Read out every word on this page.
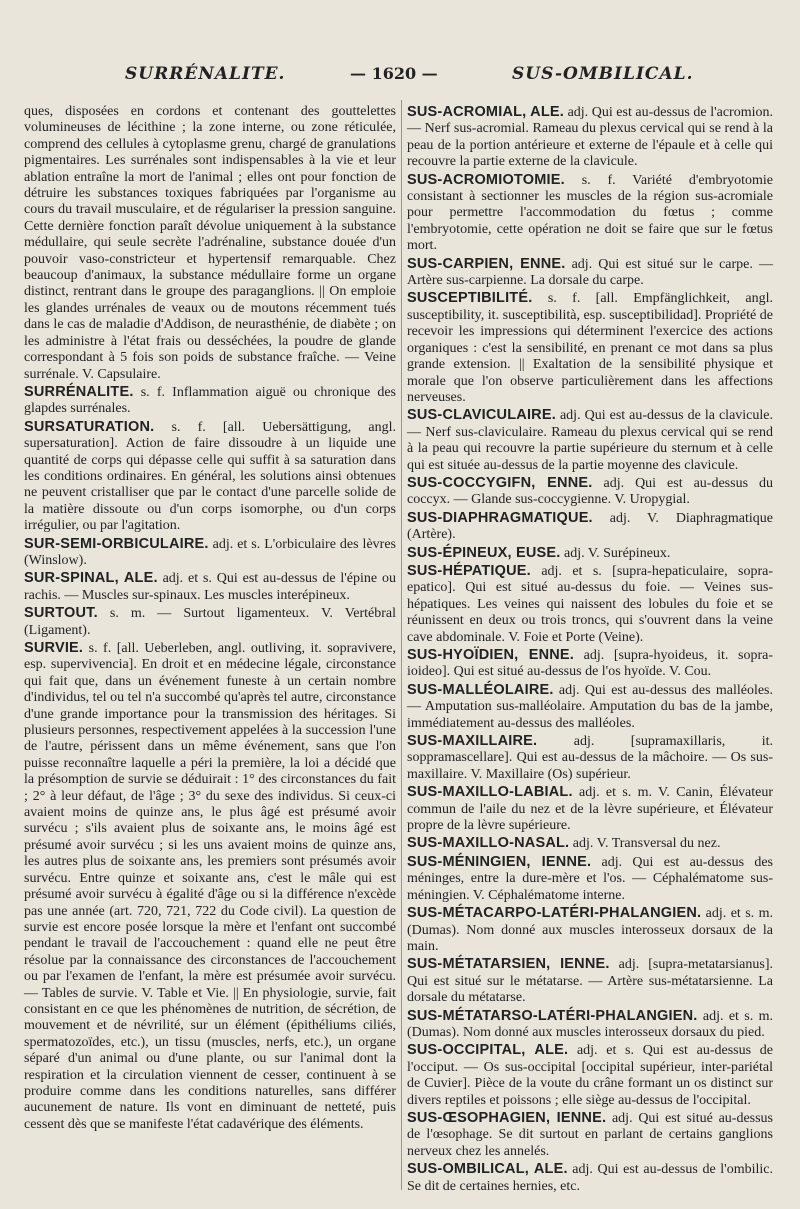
SURRÉNALITE.	— 1620 —	SUS-OMBILICAL.

ques, disposées en cordons et contenant des gouttelettes volumineuses de lécithine ; la zone interne, ou zone réticulée, comprend des cellules à cytoplasme grenu, chargé de granulations pigmentaires. Les surrénales sont indispensables à la vie et leur ablation entraîne la mort de l'animal ; elles ont pour fonction de détruire les substances toxiques fabriquées par l'organisme au cours du travail musculaire, et de régulariser la pression sanguine. Cette dernière fonction paraît dévolue uniquement à la substance médullaire, qui seule secrète l'adrénaline, substance douée d'un pouvoir vaso-constricteur et hypertensif remarquable. Chez beaucoup d'animaux, la substance médullaire forme un organe distinct, rentrant dans le groupe des paraganglions. || On emploie les glandes urrénales de veaux ou de moutons récemment tués dans le cas de maladie d'Addison, de neurasthénie, de diabète ; on les administre à l'état frais ou desséchées, la poudre de glande correspondant à 5 fois son poids de substance fraîche. — Veine surrénale. V. Capsulaire.

SURRÉNALITE. s. f. Inflammation aiguë ou chronique des glapdes surrénales.

SURSATURATION. s. f. [all. Uebersättigung, angl. supersaturation]. Action de faire dissoudre à un liquide une quantité de corps qui dépasse celle qui suffit à sa saturation dans les conditions ordinaires. En général, les solutions ainsi obtenues ne peuvent cristalliser que par le contact d'une parcelle solide de la matière dissoute ou d'un corps isomorphe, ou d'un corps irrégulier, ou par l'agitation.

SUR-SEMI-ORBICULAIRE. adj. et s. L'orbiculaire des lèvres (Winslow).

SUR-SPINAL, ALE. adj. et s. Qui est au-dessus de l'épine ou rachis. — Muscles sur-spinaux. Les muscles interépineux.

SURTOUT. s. m. — Surtout ligamenteux. V. Vertébral (Ligament).

SURVIE. s. f. [all. Ueberleben, angl. outliving, it. sopravivere, esp. supervivencia]. En droit et en médecine légale, circonstance qui fait que, dans un événement funeste à un certain nombre d'individus, tel ou tel n'a succombé qu'après tel autre, circonstance d'une grande importance pour la transmission des héritages. Si plusieurs personnes, respectivement appelées à la succession l'une de l'autre, périssent dans un même événement, sans que l'on puisse reconnaître laquelle a péri la première, la loi a décidé que la présomption de survie se déduirait : 1° des circonstances du fait ; 2° à leur défaut, de l'âge ; 3° du sexe des individus. Si ceux-ci avaient moins de quinze ans, le plus âgé est présumé avoir survécu ; s'ils avaient plus de soixante ans, le moins âgé est présumé avoir survécu ; si les uns avaient moins de quinze ans, les autres plus de soixante ans, les premiers sont présumés avoir survécu. Entre quinze et soixante ans, c'est le mâle qui est présumé avoir survécu à égalité d'âge ou si la différence n'excède pas une année (art. 720, 721, 722 du Code civil). La question de survie est encore posée lorsque la mère et l'enfant ont succombé pendant le travail de l'accouchement : quand elle ne peut être résolue par la connaissance des circonstances de l'accouchement ou par l'examen de l'enfant, la mère est présumée avoir survécu. — Tables de survie. V. Table et Vie. || En physiologie, survie, fait consistant en ce que les phénomènes de nutrition, de sécrétion, de mouvement et de névrilité, sur un élément (épithéliums ciliés, spermatozoïdes, etc.), un tissu (muscles, nerfs, etc.), un organe séparé d'un animal ou d'une plante, ou sur l'animal dont la respiration et la circulation viennent de cesser, continuent à se produire comme dans les conditions naturelles, sans différer aucunement de nature. Ils vont en diminuant de netteté, puis cessent dès que se manifeste l'état cadavérique des éléments.

SUS-ACROMIAL, ALE. adj. Qui est au-dessus de l'acromion. — Nerf sus-acromial. Rameau du plexus cervical qui se rend à la peau de la portion antérieure et externe de l'épaule et à celle qui recouvre la partie externe de la clavicule.

SUS-ACROMIOTOMIE. s. f. Variété d'embryotomie consistant à sectionner les muscles de la région sus-acromiale pour permettre l'accommodation du fœtus ; comme l'embryotomie, cette opération ne doit se faire que sur le fœtus mort.

SUS-CARPIEN, ENNE. adj. Qui est situé sur le carpe. — Artère sus-carpienne. La dorsale du carpe.

SUSCEPTIBILITÉ. s. f. [all. Empfänglichkeit, angl. susceptibility, it. susceptibilità, esp. susceptibilidad]. Propriété de recevoir les impressions qui déterminent l'exercice des actions organiques : c'est la sensibilité, en prenant ce mot dans sa plus grande extension. || Exaltation de la sensibilité physique et morale que l'on observe particulièrement dans les affections nerveuses.

SUS-CLAVICULAIRE. adj. Qui est au-dessus de la clavicule. — Nerf sus-claviculaire. Rameau du plexus cervical qui se rend à la peau qui recouvre la partie supérieure du sternum et à celle qui est située au-dessus de la partie moyenne des clavicule.

SUS-COCCYGIFN, ENNE. adj. Qui est au-dessus du coccyx. — Glande sus-coccygienne. V. Uropygial.

SUS-DIAPHRAGMATIQUE. adj. V. Diaphragmatique (Artère).

SUS-ÉPINEUX, EUSE. adj. V. Surépineux.

SUS-HÉPATIQUE. adj. et s. [supra-hepaticulaire, sopra-epatico]. Qui est situé au-dessus du foie. — Veines sus-hépatiques. Les veines qui naissent des lobules du foie et se réunissent en deux ou trois troncs, qui s'ouvrent dans la veine cave abdominale. V. Foie et Porte (Veine).

SUS-HYOÏDIEN, ENNE. adj. [supra-hyoideus, it. sopra-ioideo]. Qui est situé au-dessus de l'os hyoïde. V. Cou.

SUS-MALLÉOLAIRE. adj. Qui est au-dessus des malléoles. — Amputation sus-malléolaire. Amputation du bas de la jambe, immédiatement au-dessus des malléoles.

SUS-MAXILLAIRE. adj. [supramaxillaris, it. soppramascellare]. Qui est au-dessus de la mâchoire. — Os sus-maxillaire. V. Maxillaire (Os) supérieur.

SUS-MAXILLO-LABIAL. adj. et s. m. V. Canin, Élévateur commun de l'aile du nez et de la lèvre supérieure, et Élévateur propre de la lèvre supérieure.

SUS-MAXILLO-NASAL. adj. V. Transversal du nez.

SUS-MÉNINGIEN, IENNE. adj. Qui est au-dessus des méninges, entre la dure-mère et l'os. — Céphalématome sus-méningien. V. Céphalématome interne.

SUS-MÉTACARPO-LATÉRI-PHALANGIEN. adj. et s. m. (Dumas). Nom donné aux muscles interosseux dorsaux de la main.

SUS-MÉTATARSIEN, IENNE. adj. [supra-metatarsianus]. Qui est situé sur le métatarse. — Artère sus-métatarsienne. La dorsale du métatarse.

SUS-MÉTATARSO-LATÉRI-PHALANGIEN. adj. et s. m. (Dumas). Nom donné aux muscles interosseux dorsaux du pied.

SUS-OCCIPITAL, ALE. adj. et s. Qui est au-dessus de l'occiput. — Os sus-occipital [occipital supérieur, inter-pariétal de Cuvier]. Pièce de la voute du crâne formant un os distinct sur divers reptiles et poissons ; elle siège au-dessus de l'occipital.

SUS-ŒSOPHAGIEN, IENNE. adj. Qui est situé au-dessus de l'œsophage. Se dit surtout en parlant de certains ganglions nerveux chez les annelés.

SUS-OMBILICAL, ALE. adj. Qui est au-dessus de l'ombilic. Se dit de certaines hernies, etc.
